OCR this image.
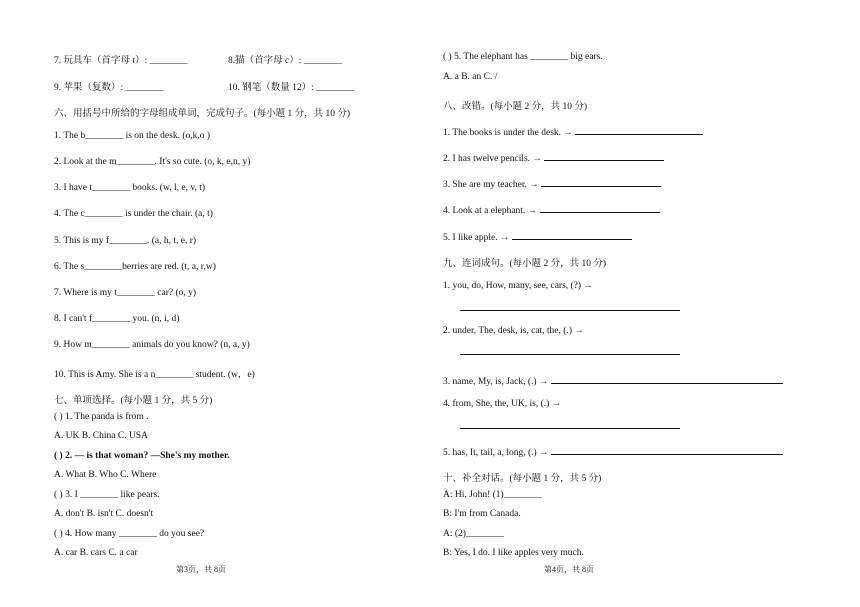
7. 玩具车（首字母 t）: ________	8.猫（首字母 c）: ________
9. 苹果（复数）: ________	10. 钢笔（数量 12）: ________
六、用括号中所给的字母组成单词，完成句子。(每小题 1 分，共 10 分)
1. The b________ is on the desk. (o,k,o )
2. Look at the m________. It's so cute. (o, k, e,n, y)
3. I have t________ books. (w, l, e, v, t)
4. The c________ is under the chair. (a, t)
5. This is my f________. (a, h, t, e, r)
6. The s________berries are red. (t, a, r,w)
7. Where is my t________ car? (o, y)
8. I can't f________ you. (n, i, d)
9. How m________ animals do you know? (n, a, y)
10. This is Amy. She is a n________ student. (w，e)
七、单项选择。(每小题 1 分，共 5 分)
( ) 1. The panda is from .
A. UK B. China C. USA
( ) 2. — is that woman? —She's my mother.
A. What B. Who C. Where
( ) 3. I ________ like pears.
A. don't B. isn't C. doesn't
( ) 4. How many ________ do you see?
A. car B. cars C. a car
第3页，共 8页
( ) 5. The elephant has ________ big ears.
A. a B. an C. /
八、改错。(每小题 2 分，共 10 分)
1. The books is under the desk. →
2. I has twelve pencils. →
3. She are my teacher. →
4. Look at a elephant. →
5. I like apple. →
九、连词成句。(每小题 2 分，共 10 分)
1. you, do, How, many, see, cars, (?) →
2. under, The, desk, is, cat, the, (.) →
3. name, My, is, Jack, (.) →
4. from, She, the, UK, is, (.) →
5. has, It, tail, a, long, (.) →
十、补全对话。(每小题 1 分，共 5 分)
A: Hi, John! (1)________
B: I'm from Canada.
A: (2)________
B: Yes, I do. I like apples very much.
第4页，共 8页
